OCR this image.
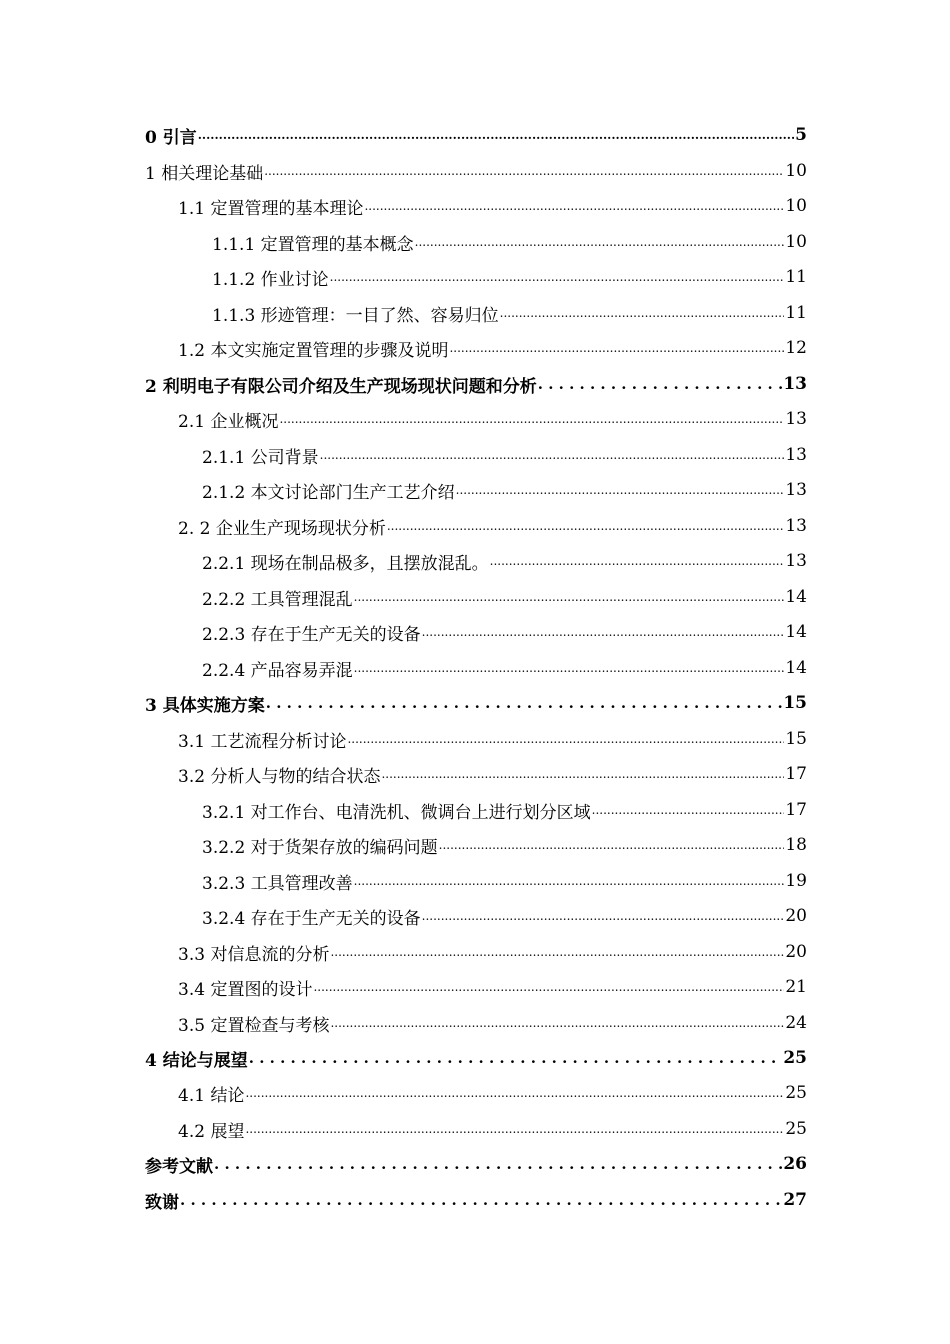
0 引言 .....	5
1 相关理论基础 .....	10
1.1 定置管理的基本理论 .....	10
1.1.1 定置管理的基本概念 .....	10
1.1.2 作业讨论 .....	11
1.1.3 形迹管理：一目了然、容易归位 .....	11
1.2 本文实施定置管理的步骤及说明 .....	12
2 利明电子有限公司介绍及生产现场现状问题和分析 . . .	13
2.1 企业概况 .....	13
2.1.1 公司背景 .....	13
2.1.2 本文讨论部门生产工艺介绍 .....	13
2. 2 企业生产现场现状分析 .....	13
2.2.1 现场在制品极多，且摆放混乱。 .....	13
2.2.2 工具管理混乱 .....	14
2.2.3 存在于生产无关的设备 .....	14
2.2.4 产品容易弄混 .....	14
3 具体实施方案 . . .	15
3.1 工艺流程分析讨论 .....	15
3.2 分析人与物的结合状态 .....	17
3.2.1 对工作台、电清洗机、微调台上进行划分区域 .....	17
3.2.2 对于货架存放的编码问题 .....	18
3.2.3 工具管理改善 .....	19
3.2.4 存在于生产无关的设备 .....	20
3.3 对信息流的分析 .....	20
3.4 定置图的设计 .....	21
3.5 定置检查与考核 .....	24
4 结论与展望 . . .	25
4.1 结论 .....	25
4.2 展望 .....	25
参考文献 . . .	26
致谢 . . .	27
